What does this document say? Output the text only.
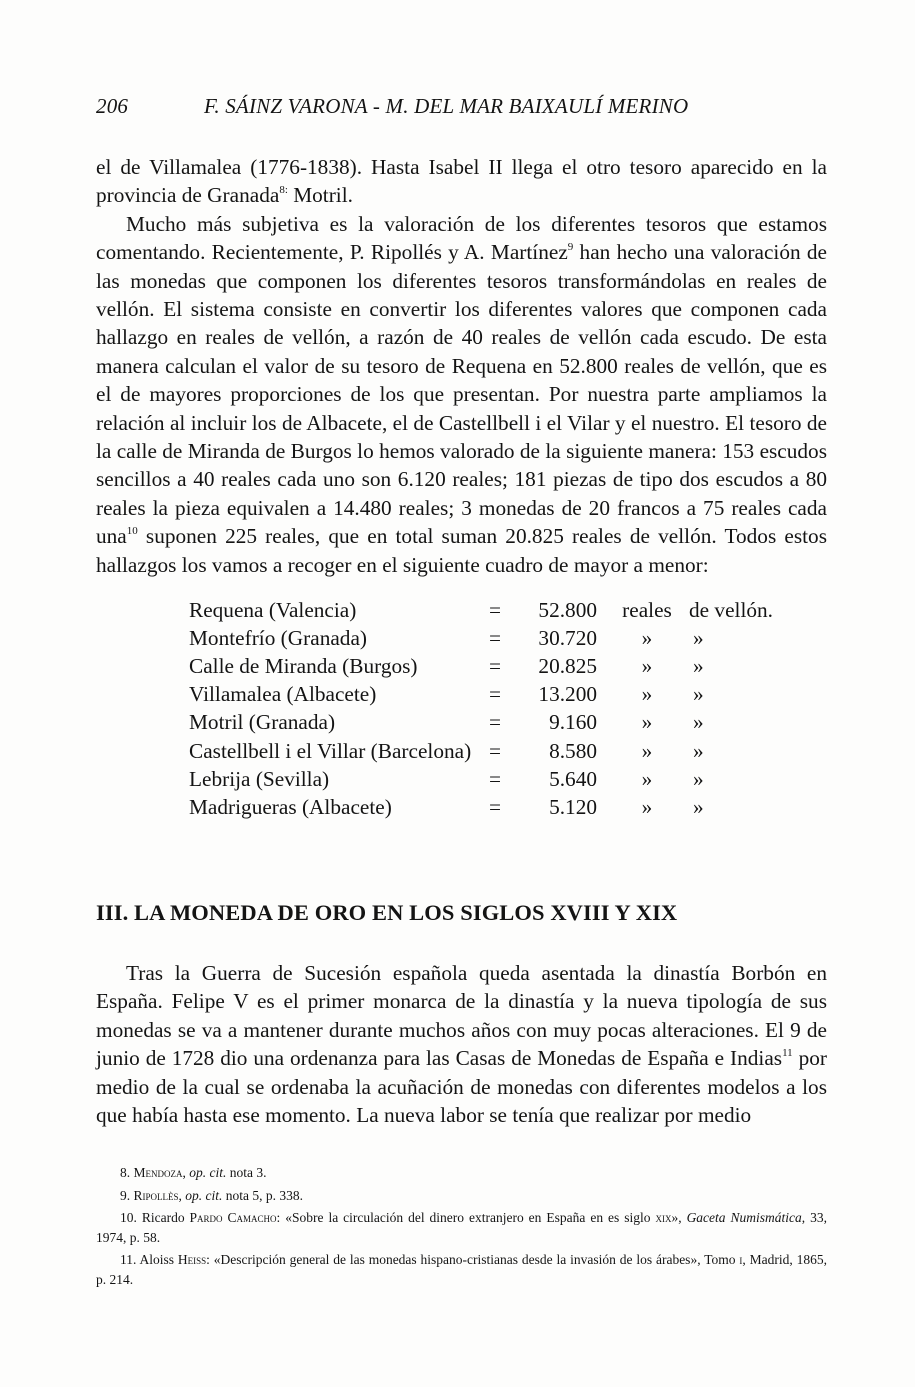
206	F. SÁINZ VARONA - M. DEL MAR BAIXAULÍ MERINO

el de Villamalea (1776-1838). Hasta Isabel II llega el otro tesoro aparecido en la provincia de Granada$^{8:}$ Motril.

Mucho más subjetiva es la valoración de los diferentes tesoros que estamos comentando. Recientemente, P. Ripollés y A. Martínez$^9$ han hecho una valoración de las monedas que componen los diferentes tesoros transformándolas en reales de vellón. El sistema consiste en convertir los diferentes valores que componen cada hallazgo en reales de vellón, a razón de 40 reales de vellón cada escudo. De esta manera calculan el valor de su tesoro de Requena en 52.800 reales de vellón, que es el de mayores proporciones de los que presentan. Por nuestra parte ampliamos la relación al incluir los de Albacete, el de Castellbell i el Vilar y el nuestro. El tesoro de la calle de Miranda de Burgos lo hemos valorado de la siguiente manera: 153 escudos sencillos a 40 reales cada uno son 6.120 reales; 181 piezas de tipo dos escudos a 80 reales la pieza equivalen a 14.480 reales; 3 monedas de 20 francos a 75 reales cada una$^{10}$ suponen 225 reales, que en total suman 20.825 reales de vellón. Todos estos hallazgos los vamos a recoger en el siguiente cuadro de mayor a menor:

Requena (Valencia)	=	52.800	reales	de vellón.
Montefrío (Granada)	=	30.720	»	»
Calle de Miranda (Burgos)	=	20.825	»	»
Villamalea (Albacete)	=	13.200	»	»
Motril (Granada)	=	9.160	»	»
Castellbell i el Villar (Barcelona)	=	8.580	»	»
Lebrija (Sevilla)	=	5.640	»	»
Madrigueras (Albacete)	=	5.120	»	»
III. LA MONEDA DE ORO EN LOS SIGLOS XVIII Y XIX

Tras la Guerra de Sucesión española queda asentada la dinastía Borbón en España. Felipe V es el primer monarca de la dinastía y la nueva tipología de sus monedas se va a mantener durante muchos años con muy pocas alteraciones. El 9 de junio de 1728 dio una ordenanza para las Casas de Monedas de España e Indias$^{11}$ por medio de la cual se ordenaba la acuñación de monedas con diferentes modelos a los que había hasta ese momento. La nueva labor se tenía que realizar por medio

8. Mendoza, op. cit. nota 3.

9. Ripollès, op. cit. nota 5, p. 338.

10. Ricardo Pardo Camacho: «Sobre la circulación del dinero extranjero en España en es siglo xix», Gaceta Numismática, 33, 1974, p. 58.

11. Aloiss Heiss: «Descripción general de las monedas hispano-cristianas desde la invasión de los árabes», Tomo i, Madrid, 1865, p. 214.
